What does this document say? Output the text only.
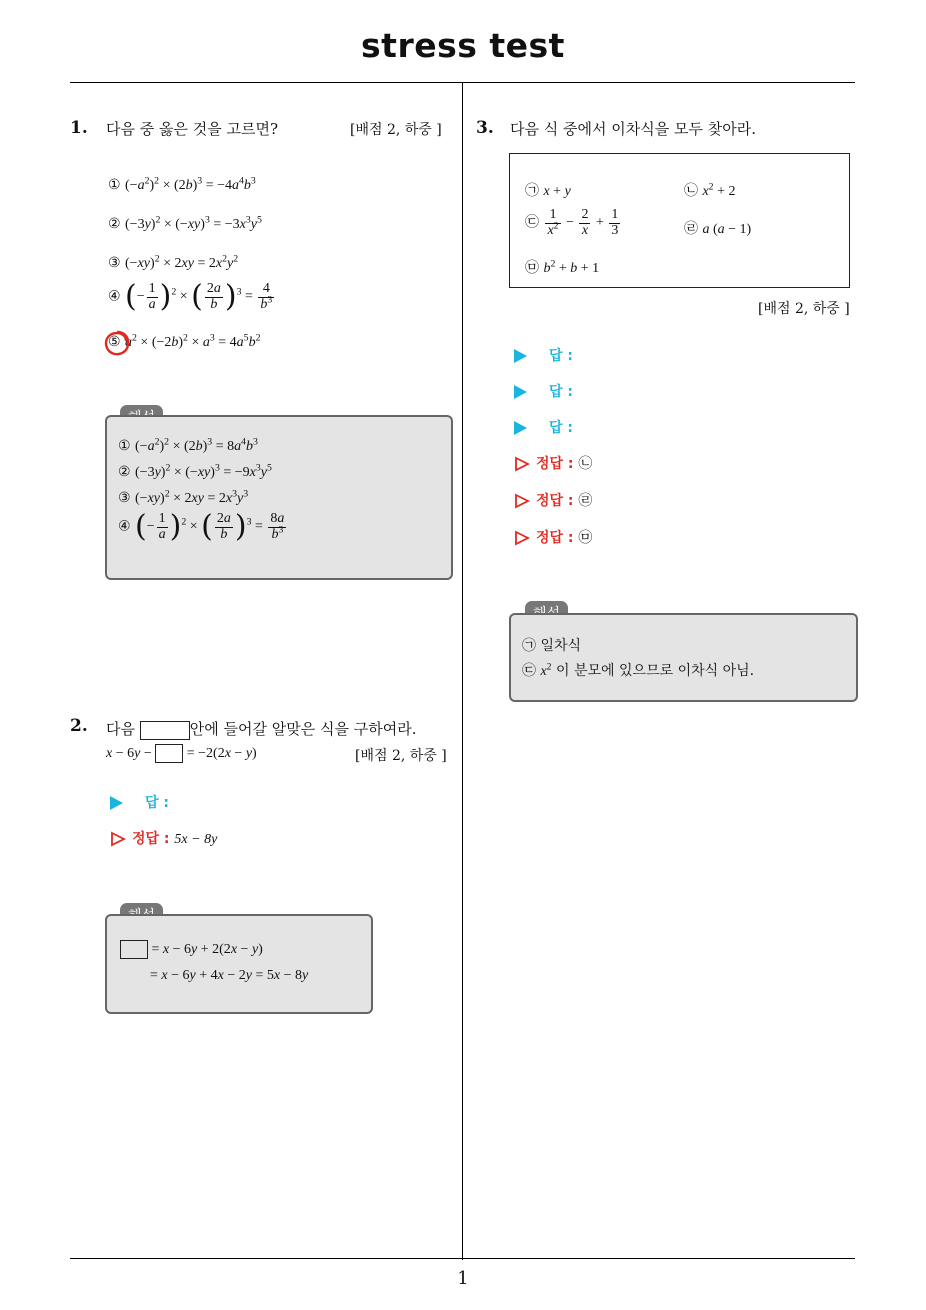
stress test
1. 다음 중 옳은 것을 고르면?	[배점 2, 하중 ]
① $(-a^2)^2 \times (2b)^3 = -4a^4b^3$
② $(-3y)^2 \times (-xy)^3 = -3x^3y^5$
③ $(-xy)^2 \times 2xy = 2x^2y^2$
④ (− $\frac{1}{a} )^2$ × ( $\frac{2a}{b} )^3 = \frac{4}{b^3}$
⑤ $a^2 \times (-2b)^2 \times a^3 = 4a^5b^2$
① $(-a^2)^2 \times (2b)^3 = 8a^4b^3$
② $(-3y)^2 \times (-xy)^3 = -9x^3y^5$
③ $(-xy)^2 \times 2xy = 2x^3y^3$
④ (− $\frac{1}{a} )^2$ × ( $\frac{2a}{b} )^3 = \frac{8a}{b^3}$
2. 다음	안에 들어갈 알맞은 식을 구하여라.
x − 6y −  = −2(2x − y)	[배점 2, 하중 ]
답 :
정답 : 5x − 8y
= x − 6y + 2(2x − y)
= x − 6y + 4x − 2y = 5x − 8y
3. 다음 식 중에서 이차식을 모두 찾아라.
㉠ x + y	㉡ $x^2 + 2$
㉢ $\frac{1}{x^2} - \frac{2}{x} + \frac{1}{3}$	㉣ a (a − 1)
㉤ $b^2 + b + 1$
[배점 2, 하중 ]
답 :
답 :
답 :
정답 : ㉡
정답 : ㉣
정답 : ㉤
㉠ 일차식
㉢ $x^2$ 이 분모에 있으므로 이차식 아님.
1
